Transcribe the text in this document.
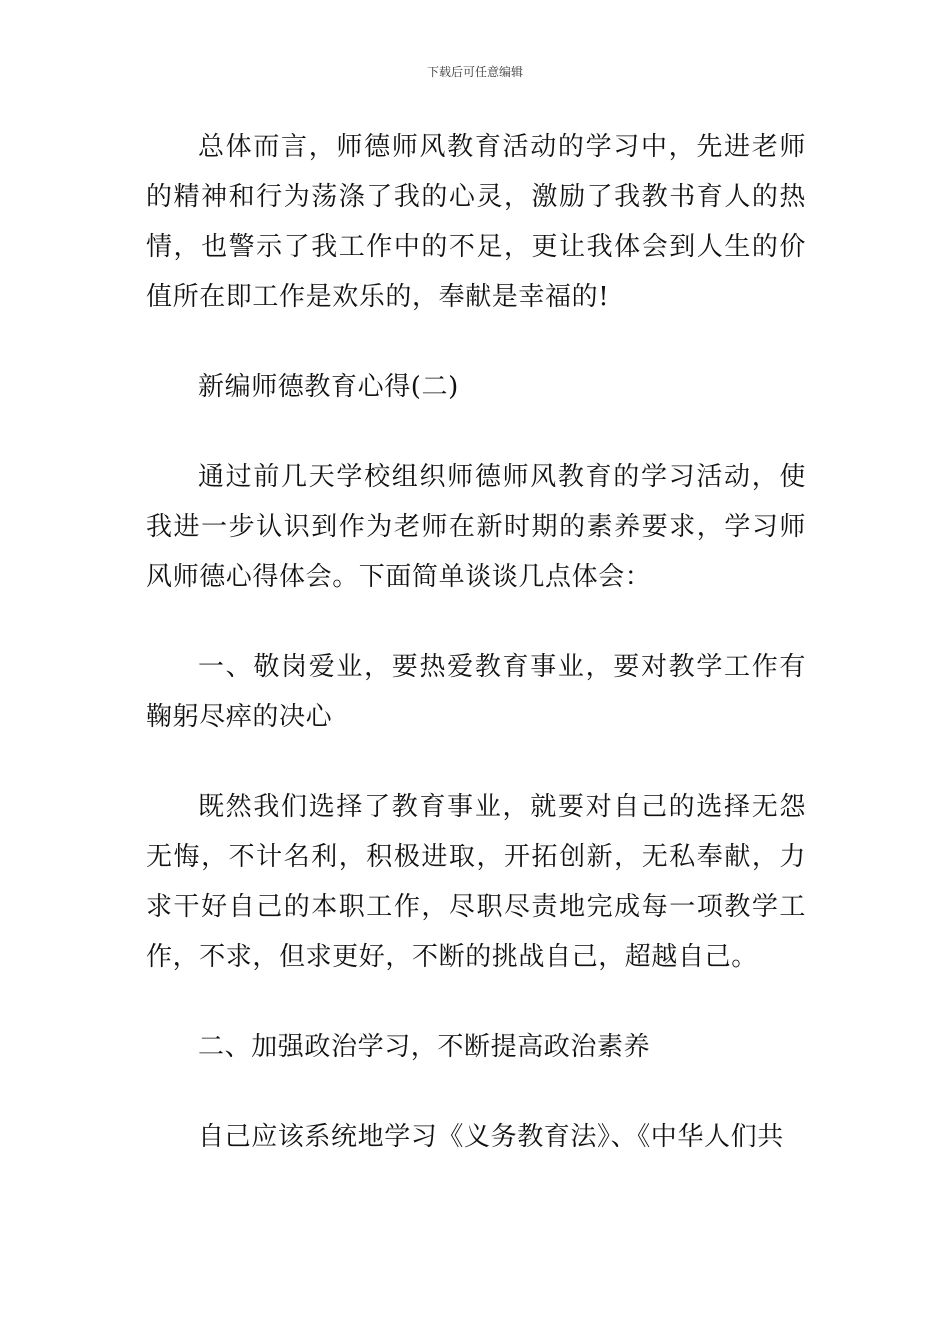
下载后可任意编辑

总体而言，师德师风教育活动的学习中，先进老师的精神和行为荡涤了我的心灵，激励了我教书育人的热情，也警示了我工作中的不足，更让我体会到人生的价值所在即工作是欢乐的，奉献是幸福的!

新编师德教育心得(二)

通过前几天学校组织师德师风教育的学习活动，使我进一步认识到作为老师在新时期的素养要求，学习师风师德心得体会。下面简单谈谈几点体会：

一、敬岗爱业，要热爱教育事业，要对教学工作有鞠躬尽瘁的决心

既然我们选择了教育事业，就要对自己的选择无怨无悔，不计名利，积极进取，开拓创新，无私奉献，力求干好自己的本职工作，尽职尽责地完成每一项教学工作，不求，但求更好，不断的挑战自己，超越自己。

二、加强政治学习，不断提高政治素养

自己应该系统地学习《义务教育法》、《中华人们共
